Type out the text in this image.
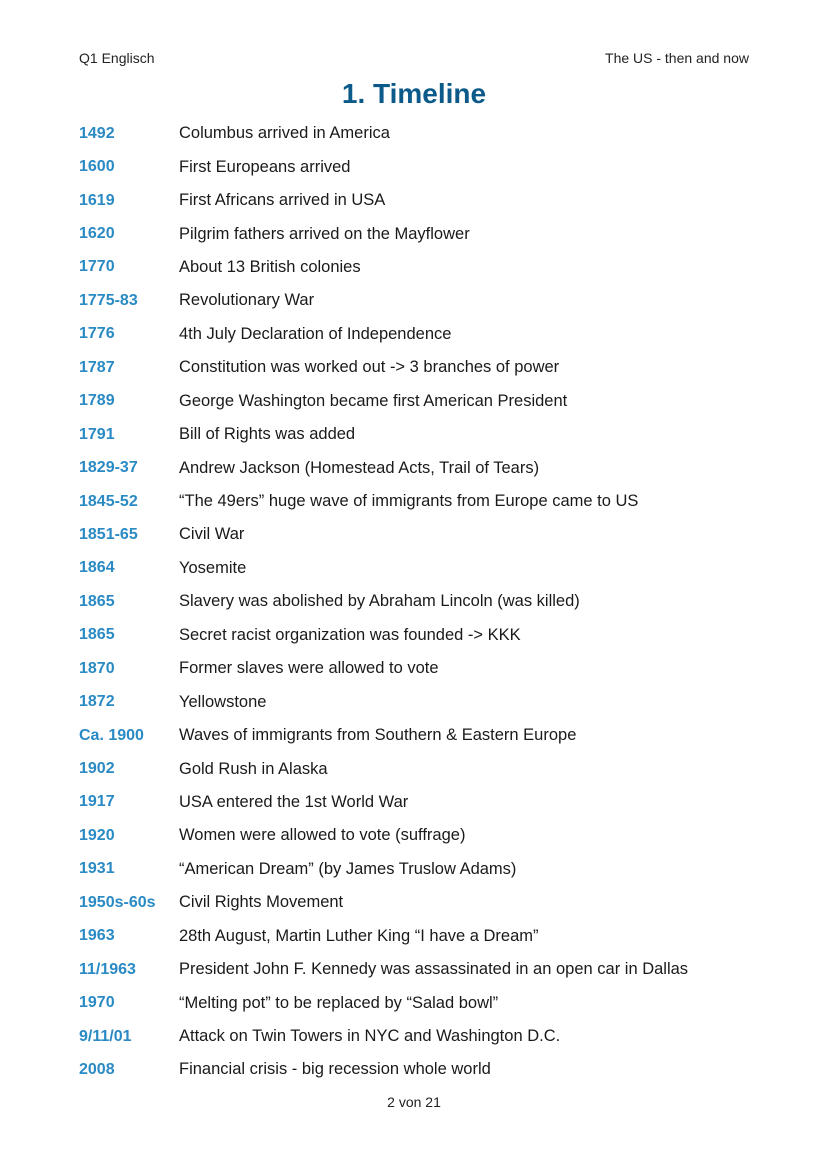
Q1 Englisch	The US - then and now
1. Timeline
1492	Columbus arrived in America
1600	First Europeans arrived
1619	First Africans arrived in USA
1620	Pilgrim fathers arrived on the Mayflower
1770	About 13 British colonies
1775-83	Revolutionary War
1776	4th July Declaration of Independence
1787	Constitution was worked out -> 3 branches of power
1789	George Washington became first American President
1791	Bill of Rights was added
1829-37	Andrew Jackson (Homestead Acts, Trail of Tears)
1845-52	“The 49ers” huge wave of immigrants from Europe came to US
1851-65	Civil War
1864	Yosemite
1865	Slavery was abolished by Abraham Lincoln (was killed)
1865	Secret racist organization was founded -> KKK
1870	Former slaves were allowed to vote
1872	Yellowstone
Ca. 1900	Waves of immigrants from Southern & Eastern Europe
1902	Gold Rush in Alaska
1917	USA entered the 1st World War
1920	Women were allowed to vote (suffrage)
1931	“American Dream” (by James Truslow Adams)
1950s-60s	Civil Rights Movement
1963	28th August, Martin Luther King “I have a Dream”
11/1963	President John F. Kennedy was assassinated in an open car in Dallas
1970	“Melting pot” to be replaced by “Salad bowl”
9/11/01	Attack on Twin Towers in NYC and Washington D.C.
2008	Financial crisis - big recession whole world
2 von 21
